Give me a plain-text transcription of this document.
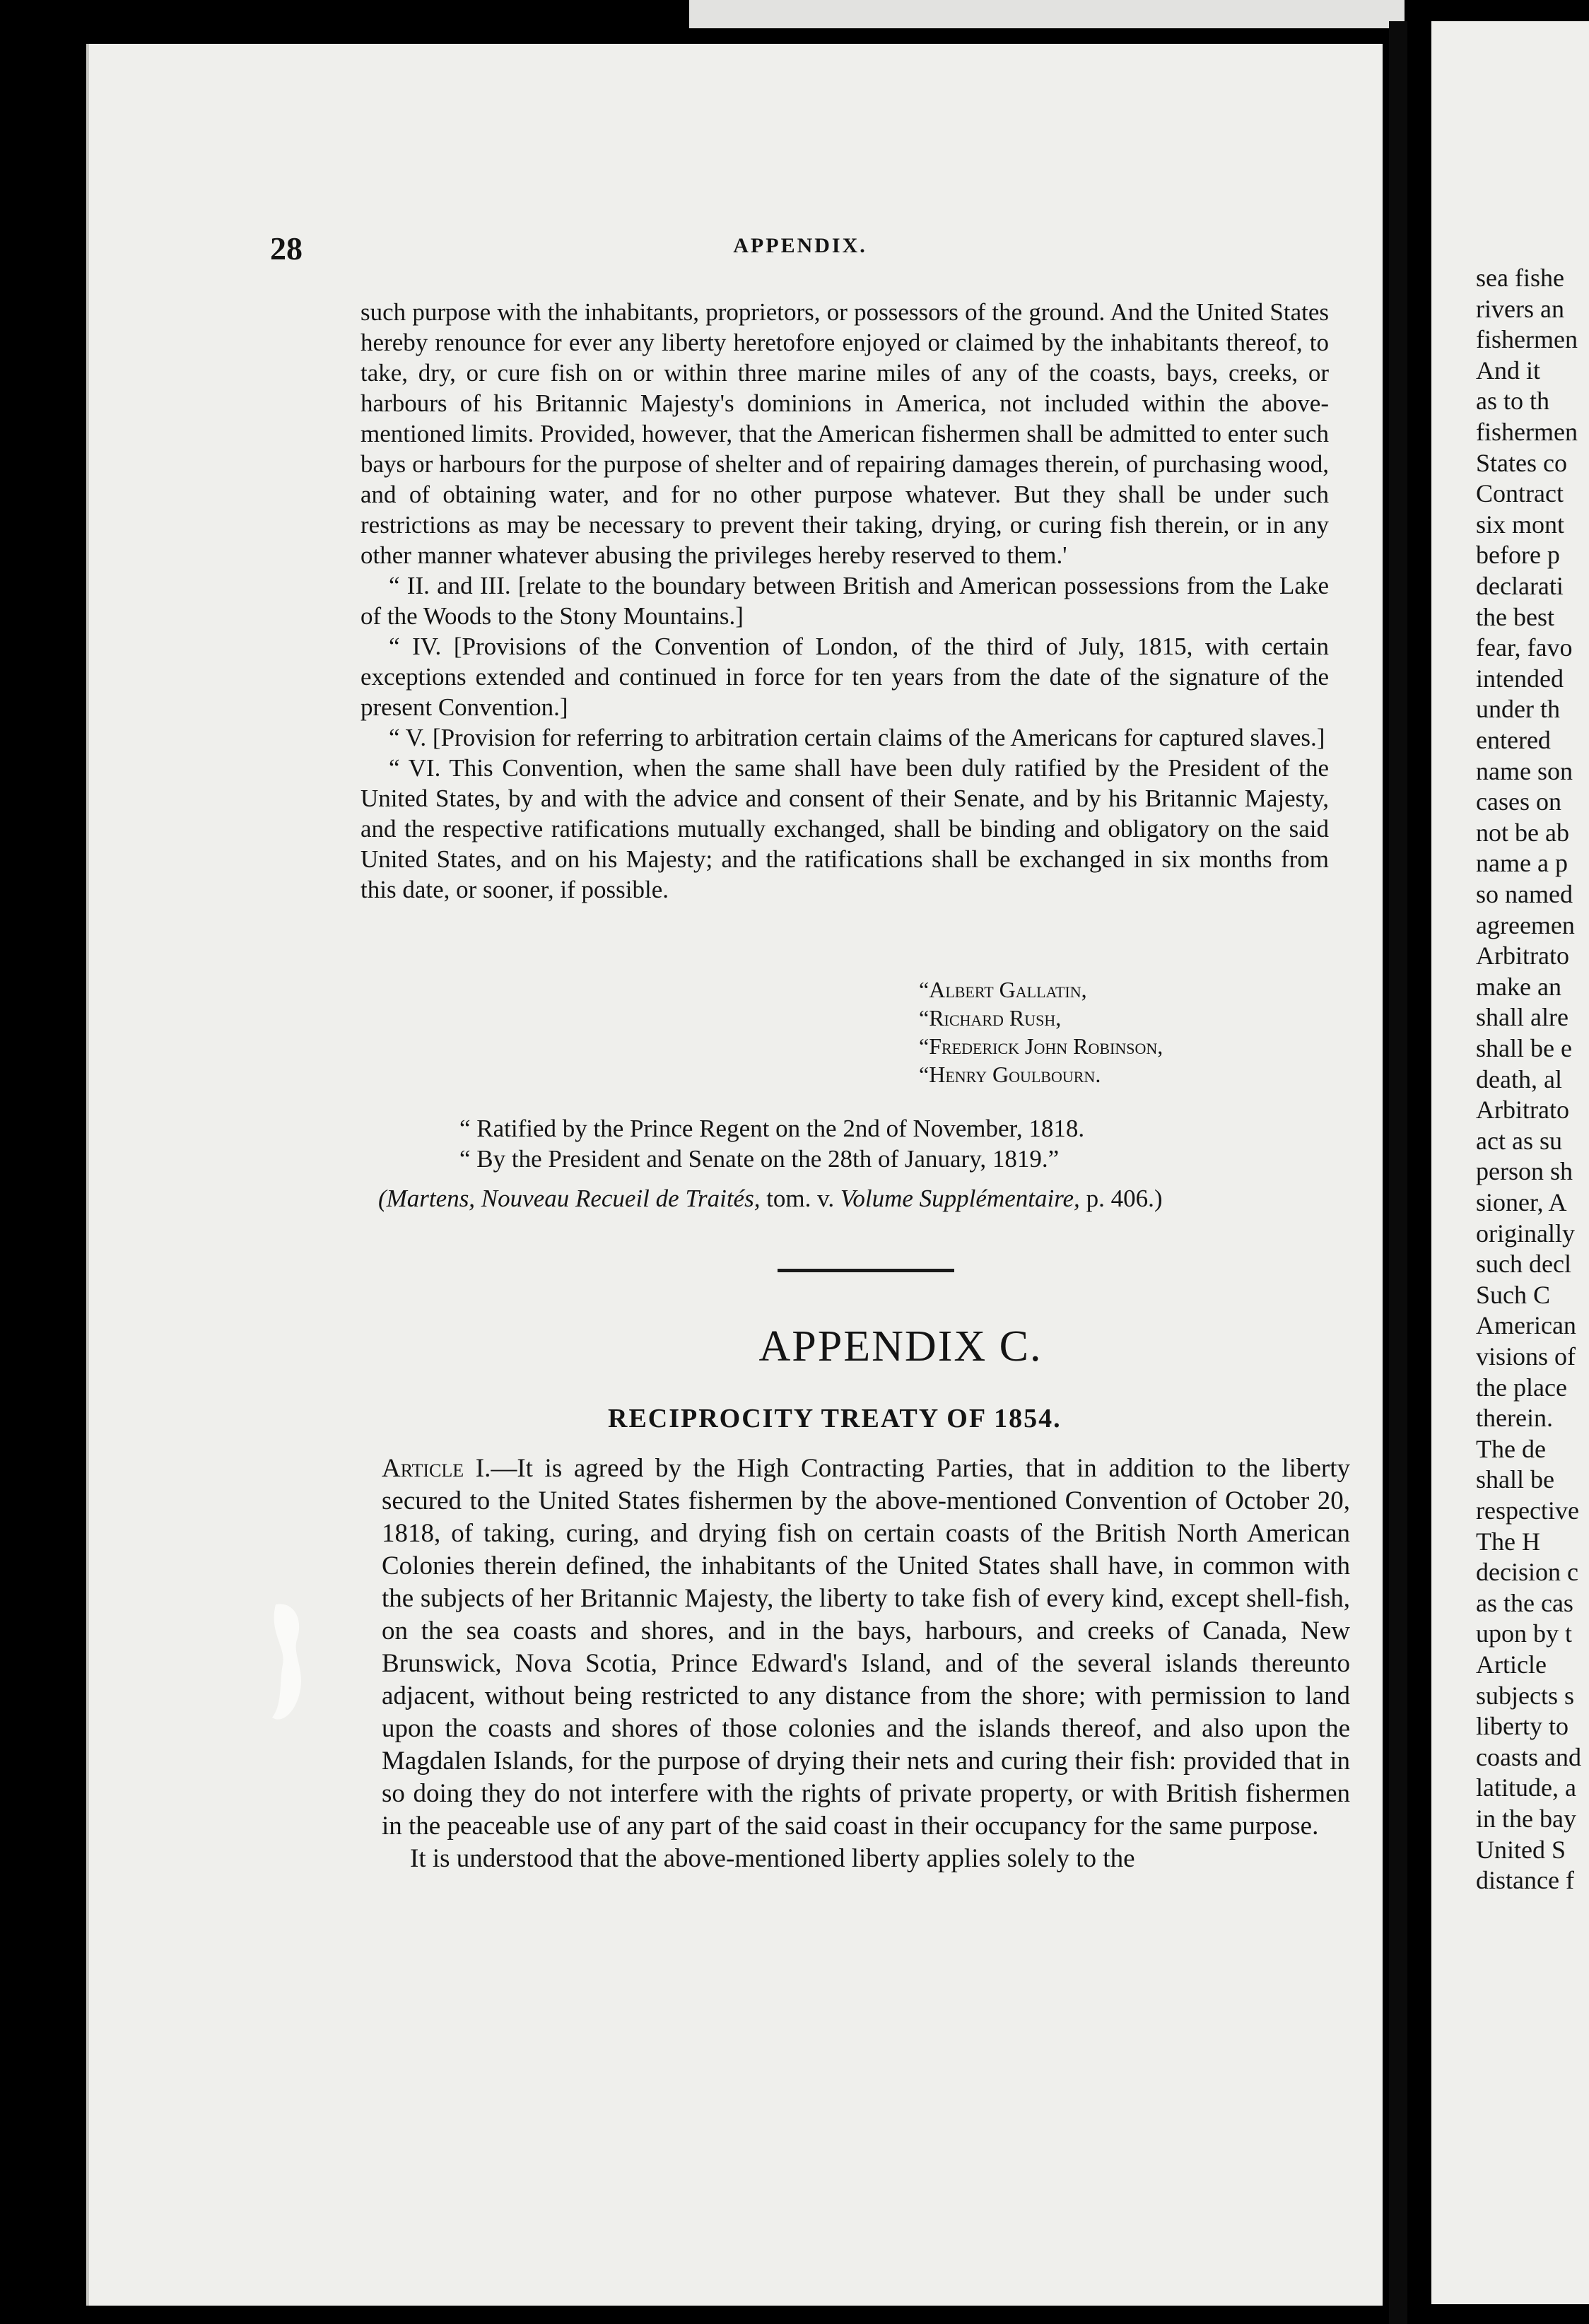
28	APPENDIX.

such purpose with the inhabitants, proprietors, or possessors of the ground. And the United States hereby renounce for ever any liberty heretofore enjoyed or claimed by the inhabitants thereof, to take, dry, or cure fish on or within three marine miles of any of the coasts, bays, creeks, or harbours of his Britannic Majesty's dominions in America, not included within the above-mentioned limits. Provided, however, that the American fishermen shall be admitted to enter such bays or harbours for the purpose of shelter and of repairing damages therein, of purchasing wood, and of obtaining water, and for no other purpose whatever. But they shall be under such restrictions as may be necessary to prevent their taking, drying, or curing fish therein, or in any other manner whatever abusing the privileges hereby reserved to them.'

“ II. and III. [relate to the boundary between British and American possessions from the Lake of the Woods to the Stony Mountains.]

“ IV. [Provisions of the Convention of London, of the third of July, 1815, with certain exceptions extended and continued in force for ten years from the date of the signature of the present Convention.]

“ V. [Provision for referring to arbitration certain claims of the Americans for captured slaves.]

“ VI. This Convention, when the same shall have been duly ratified by the President of the United States, by and with the advice and consent of their Senate, and by his Britannic Majesty, and the respective ratifications mutually exchanged, shall be binding and obligatory on the said United States, and on his Majesty; and the ratifications shall be exchanged in six months from this date, or sooner, if possible.

“Albert Gallatin,
“Richard Rush,
“Frederick John Robinson,
“Henry Goulbourn.
“ Ratified by the Prince Regent on the 2nd of November, 1818.
“ By the President and Senate on the 28th of January, 1819.”
(Martens, Nouveau Recueil de Traités, tom. v. Volume Supplémentaire, p. 406.)
APPENDIX C.
RECIPROCITY TREATY OF 1854.

Article I.—It is agreed by the High Contracting Parties, that in addition to the liberty secured to the United States fishermen by the above-mentioned Convention of October 20, 1818, of taking, curing, and drying fish on certain coasts of the British North American Colonies therein defined, the inhabitants of the United States shall have, in common with the subjects of her Britannic Majesty, the liberty to take fish of every kind, except shell-fish, on the sea coasts and shores, and in the bays, harbours, and creeks of Canada, New Brunswick, Nova Scotia, Prince Edward's Island, and of the several islands thereunto adjacent, without being restricted to any distance from the shore; with permission to land upon the coasts and shores of those colonies and the islands thereof, and also upon the Magdalen Islands, for the purpose of drying their nets and curing their fish: provided that in so doing they do not interfere with the rights of private property, or with British fishermen in the peaceable use of any part of the said coast in their occupancy for the same purpose.

It is understood that the above-mentioned liberty applies solely to the

sea fishe
rivers an
fishermen
And it
as to th
fishermen
States co
Contract
six mont
before p
declarati
the best
fear, favo
intended
under th
entered
name son
cases on
not be ab
name a p
so named
agreemen
Arbitrato
make an
shall alre
shall be e
death, al
Arbitrato
act as su
person sh
sioner, A
originally
such decl
Such C
American
visions of
the place
therein.
The de
shall be
respective
The H
decision c
as the cas
upon by t
Article
subjects s
liberty to
coasts and
latitude, a
in the bay
United S
distance f
